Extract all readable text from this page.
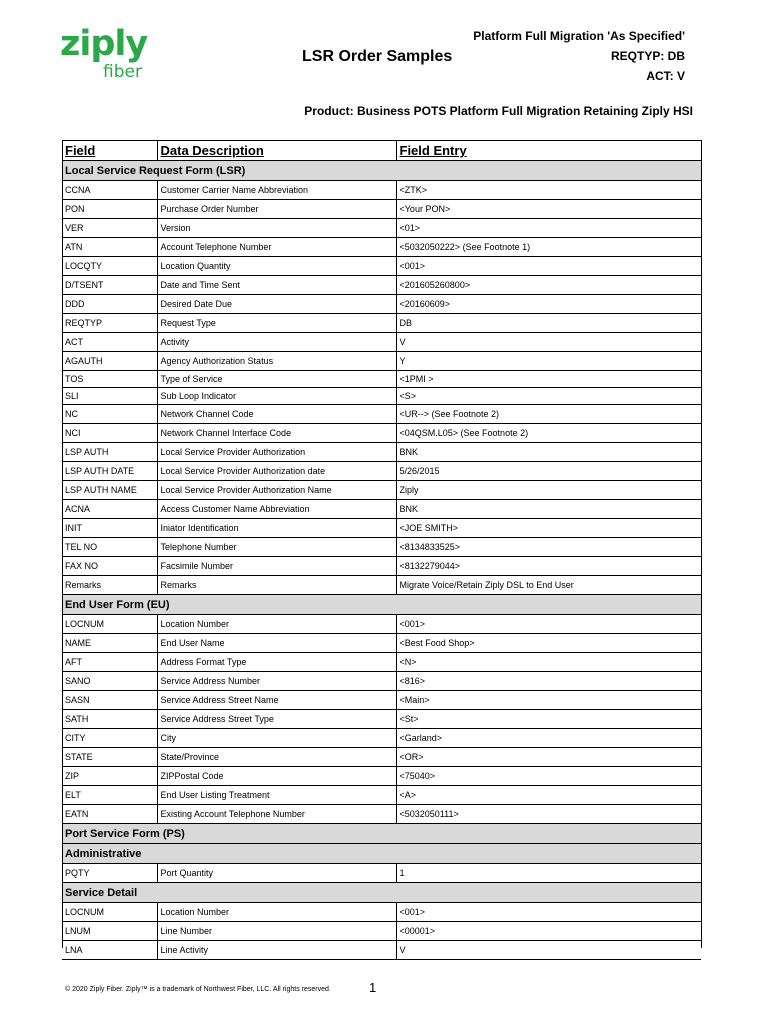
ziply
fiber
LSR Order Samples
Platform Full Migration 'As Specified'
REQTYP: DB
ACT: V
Product: Business POTS Platform Full Migration Retaining Ziply HSI
Field	Data Description	Field Entry
Local Service Request Form (LSR)		
CCNA	Customer Carrier Name Abbreviation	<ZTK>
PON	Purchase Order Number	<Your PON>
VER	Version	<01>
ATN	Account Telephone Number	<5032050222> (See Footnote 1)
LOCQTY	Location Quantity	<001>
D/TSENT	Date and Time Sent	<201605260800>
DDD	Desired Date Due	<20160609>
REQTYP	Request Type	DB
ACT	Activity	V
AGAUTH	Agency Authorization Status	Y
TOS	Type of Service	<1PMI >
SLI	Sub Loop Indicator	<S>
NC	Network Channel Code	<UR--> (See Footnote 2)
NCI	Network Channel Interface Code	<04QSM.L05> (See Footnote 2)
LSP AUTH	Local Service Provider Authorization	BNK
LSP AUTH DATE	Local Service Provider Authorization date	5/26/2015
LSP AUTH NAME	Local Service Provider Authorization Name	Ziply
ACNA	Access Customer Name Abbreviation	BNK
INIT	Iniator Identification	<JOE SMITH>
TEL NO	Telephone Number	<8134833525>
FAX NO	Facsimile Number	<8132279044>
Remarks	Remarks	Migrate Voice/Retain Ziply DSL to End User
End User Form (EU)		
LOCNUM	Location Number	<001>
NAME	End User Name	<Best Food Shop>
AFT	Address Format Type	<N>
SANO	Service Address Number	<816>
SASN	Service Address Street Name	<Main>
SATH	Service Address Street Type	<St>
CITY	City	<Garland>
STATE	State/Province	<OR>
ZIP	ZIPPostal Code	<75040>
ELT	End User Listing Treatment	<A>
EATN	Existing Account Telephone Number	<5032050111>
Port Service Form (PS)		
Administrative		
PQTY	Port Quantity	1
Service Detail		
LOCNUM	Location Number	<001>
LNUM	Line Number	<00001>
LNA	Line Activity	V
© 2020 Ziply Fiber. Ziply™ is a trademark of Northwest Fiber, LLC. All rights reserved.	1
